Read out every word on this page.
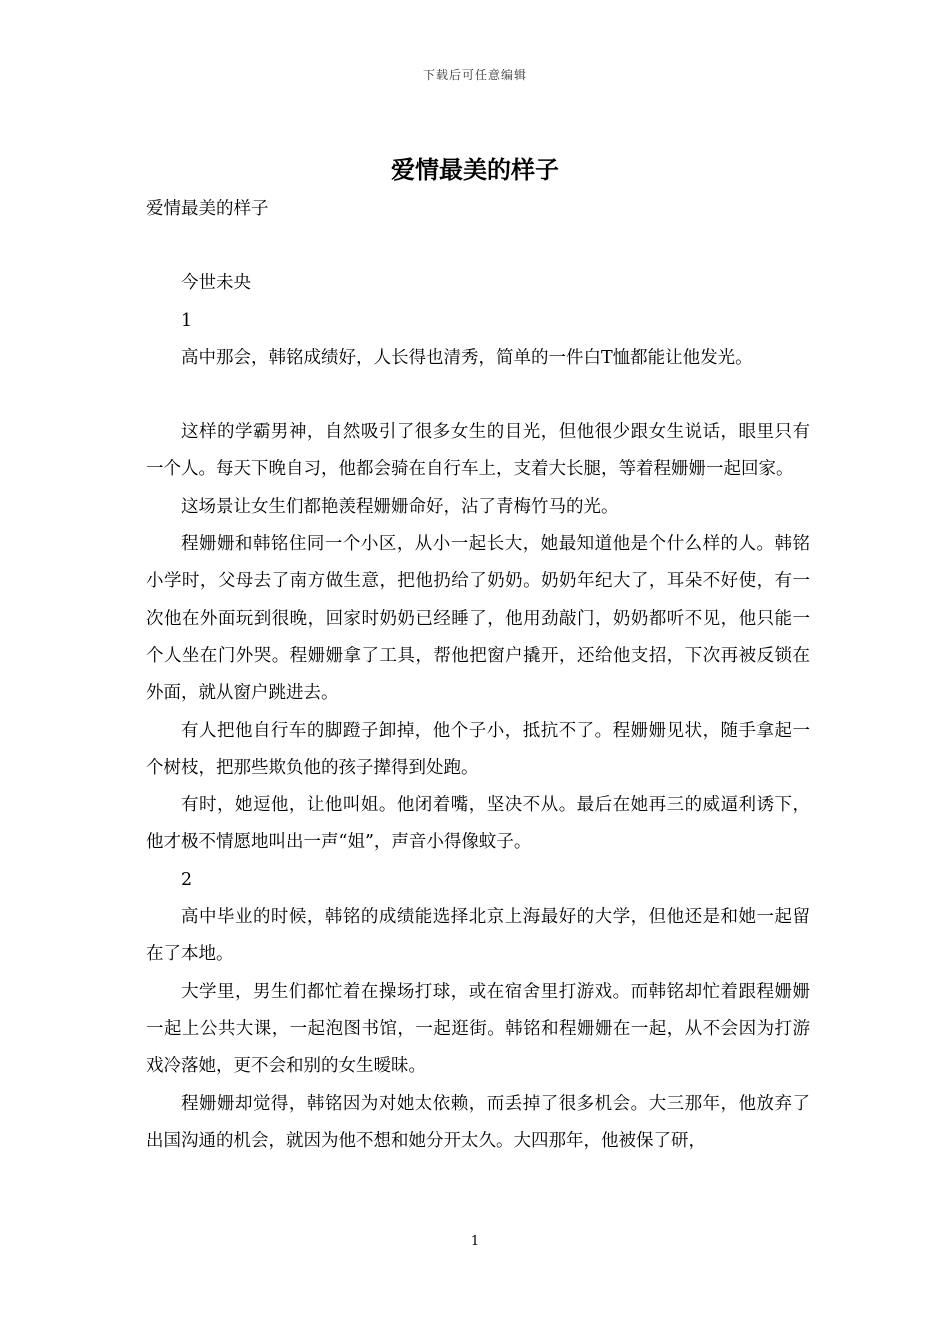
下载后可任意编辑
爱情最美的样子

爱情最美的样子

今世未央

1

高中那会，韩铭成绩好，人长得也清秀，简单的一件白T恤都能让他发光。

这样的学霸男神，自然吸引了很多女生的目光，但他很少跟女生说话，眼里只有一个人。每天下晚自习，他都会骑在自行车上，支着大长腿，等着程姗姗一起回家。

这场景让女生们都艳羡程姗姗命好，沾了青梅竹马的光。

程姗姗和韩铭住同一个小区，从小一起长大，她最知道他是个什么样的人。韩铭小学时，父母去了南方做生意，把他扔给了奶奶。奶奶年纪大了，耳朵不好使，有一次他在外面玩到很晚，回家时奶奶已经睡了，他用劲敲门，奶奶都听不见，他只能一个人坐在门外哭。程姗姗拿了工具，帮他把窗户撬开，还给他支招，下次再被反锁在外面，就从窗户跳进去。

有人把他自行车的脚蹬子卸掉，他个子小，抵抗不了。程姗姗见状，随手拿起一个树枝，把那些欺负他的孩子撵得到处跑。

有时，她逗他，让他叫姐。他闭着嘴，坚决不从。最后在她再三的威逼利诱下，他才极不情愿地叫出一声“姐”，声音小得像蚊子。

2

高中毕业的时候，韩铭的成绩能选择北京上海最好的大学，但他还是和她一起留在了本地。

大学里，男生们都忙着在操场打球，或在宿舍里打游戏。而韩铭却忙着跟程姗姗一起上公共大课，一起泡图书馆，一起逛街。韩铭和程姗姗在一起，从不会因为打游戏冷落她，更不会和别的女生暧昧。

程姗姗却觉得，韩铭因为对她太依赖，而丢掉了很多机会。大三那年，他放弃了出国沟通的机会，就因为他不想和她分开太久。大四那年，他被保了研，

1
